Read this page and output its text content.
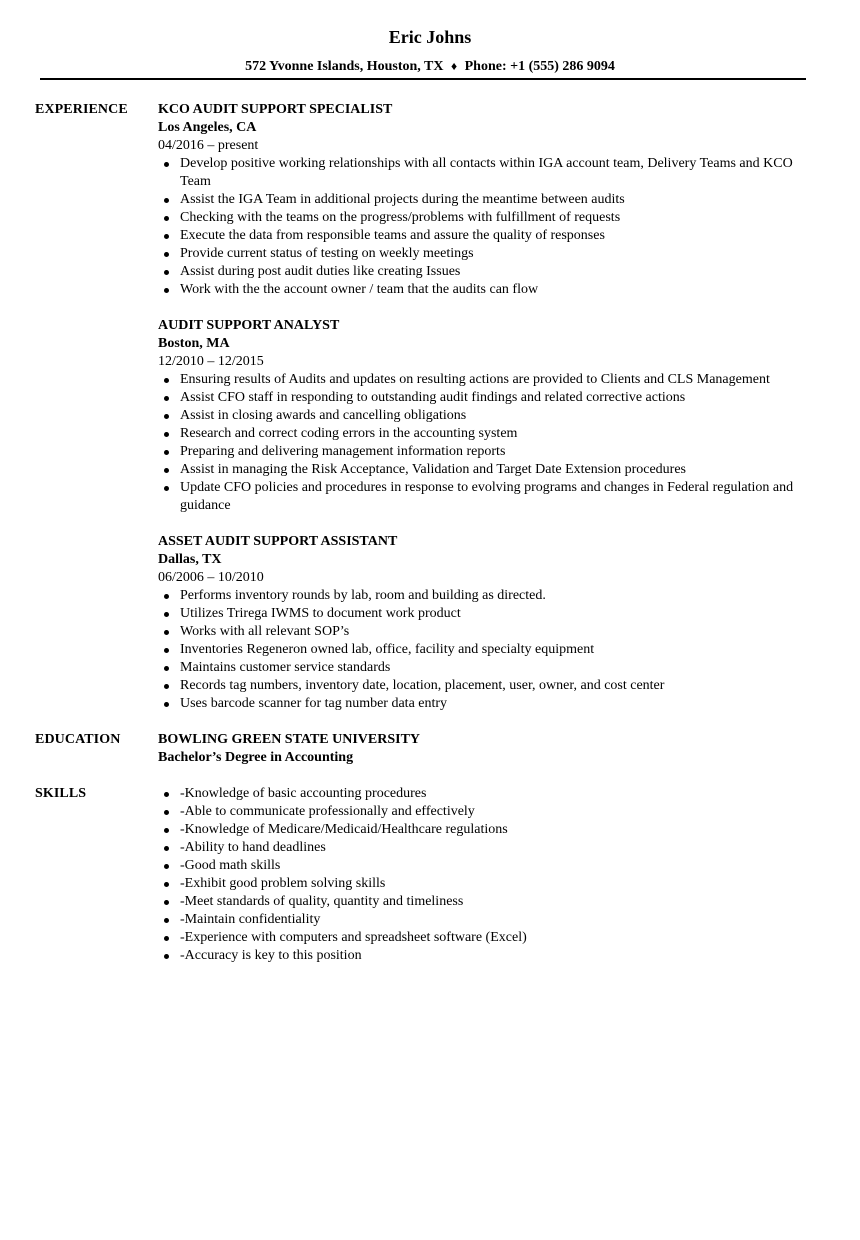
Eric Johns
572 Yvonne Islands, Houston, TX ♦ Phone: +1 (555) 286 9094
EXPERIENCE	KCO AUDIT SUPPORT SPECIALIST
Los Angeles, CA
04/2016 – present
Develop positive working relationships with all contacts within IGA account team, Delivery Teams and KCO Team
Assist the IGA Team in additional projects during the meantime between audits
Checking with the teams on the progress/problems with fulfillment of requests
Execute the data from responsible teams and assure the quality of responses
Provide current status of testing on weekly meetings
Assist during post audit duties like creating Issues
Work with the the account owner / team that the audits can flow
AUDIT SUPPORT ANALYST
Boston, MA
12/2010 – 12/2015
Ensuring results of Audits and updates on resulting actions are provided to Clients and CLS Management
Assist CFO staff in responding to outstanding audit findings and related corrective actions
Assist in closing awards and cancelling obligations
Research and correct coding errors in the accounting system
Preparing and delivering management information reports
Assist in managing the Risk Acceptance, Validation and Target Date Extension procedures
Update CFO policies and procedures in response to evolving programs and changes in Federal regulation and guidance
ASSET AUDIT SUPPORT ASSISTANT
Dallas, TX
06/2006 – 10/2010
Performs inventory rounds by lab, room and building as directed.
Utilizes Trirega IWMS to document work product
Works with all relevant SOP’s
Inventories Regeneron owned lab, office, facility and specialty equipment
Maintains customer service standards
Records tag numbers, inventory date, location, placement, user, owner, and cost center
Uses barcode scanner for tag number data entry
EDUCATION	BOWLING GREEN STATE UNIVERSITY
Bachelor’s Degree in Accounting
SKILLS	-Knowledge of basic accounting procedures
-Able to communicate professionally and effectively
-Knowledge of Medicare/Medicaid/Healthcare regulations
-Ability to hand deadlines
-Good math skills
-Exhibit good problem solving skills
-Meet standards of quality, quantity and timeliness
-Maintain confidentiality
-Experience with computers and spreadsheet software (Excel)
-Accuracy is key to this position
